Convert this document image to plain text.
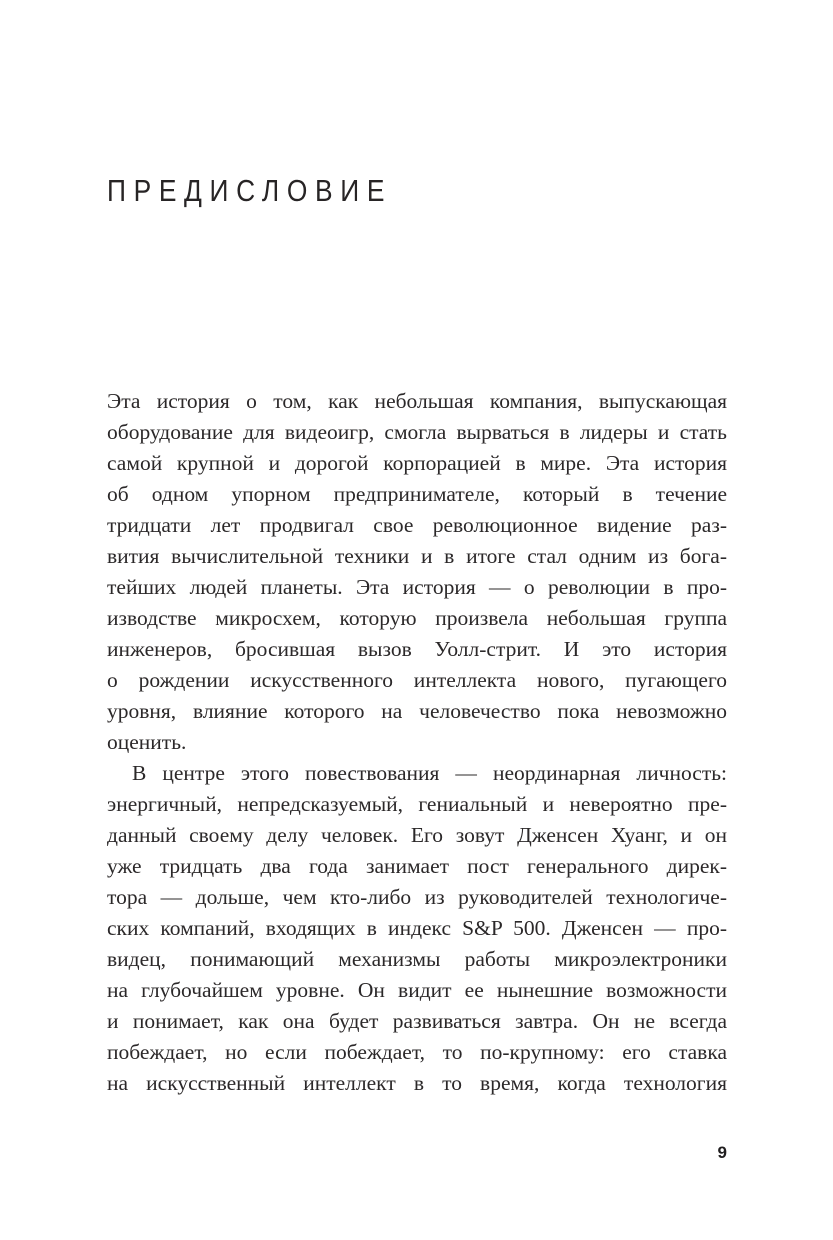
ПРЕДИСЛОВИЕ
Эта история о том, как небольшая компания, выпускающая
оборудование для видеоигр, смогла вырваться в лидеры и стать
самой крупной и дорогой корпорацией в мире. Эта история
об одном упорном предпринимателе, который в течение
тридцати лет продвигал свое революционное видение раз-
вития вычислительной техники и в итоге стал одним из бога-
тейших людей планеты. Эта история — о революции в про-
изводстве микросхем, которую произвела небольшая группа
инженеров, бросившая вызов Уолл-стрит. И это история
о рождении искусственного интеллекта нового, пугающего
уровня, влияние которого на человечество пока невозможно
оценить.
В центре этого повествования — неординарная личность:
энергичный, непредсказуемый, гениальный и невероятно пре-
данный своему делу человек. Его зовут Дженсен Хуанг, и он
уже тридцать два года занимает пост генерального дирек-
тора — дольше, чем кто-либо из руководителей технологиче-
ских компаний, входящих в индекс S&P 500. Дженсен — про-
видец, понимающий механизмы работы микроэлектроники
на глубочайшем уровне. Он видит ее нынешние возможности
и понимает, как она будет развиваться завтра. Он не всегда
побеждает, но если побеждает, то по-крупному: его ставка
на искусственный интеллект в то время, когда технология
9
